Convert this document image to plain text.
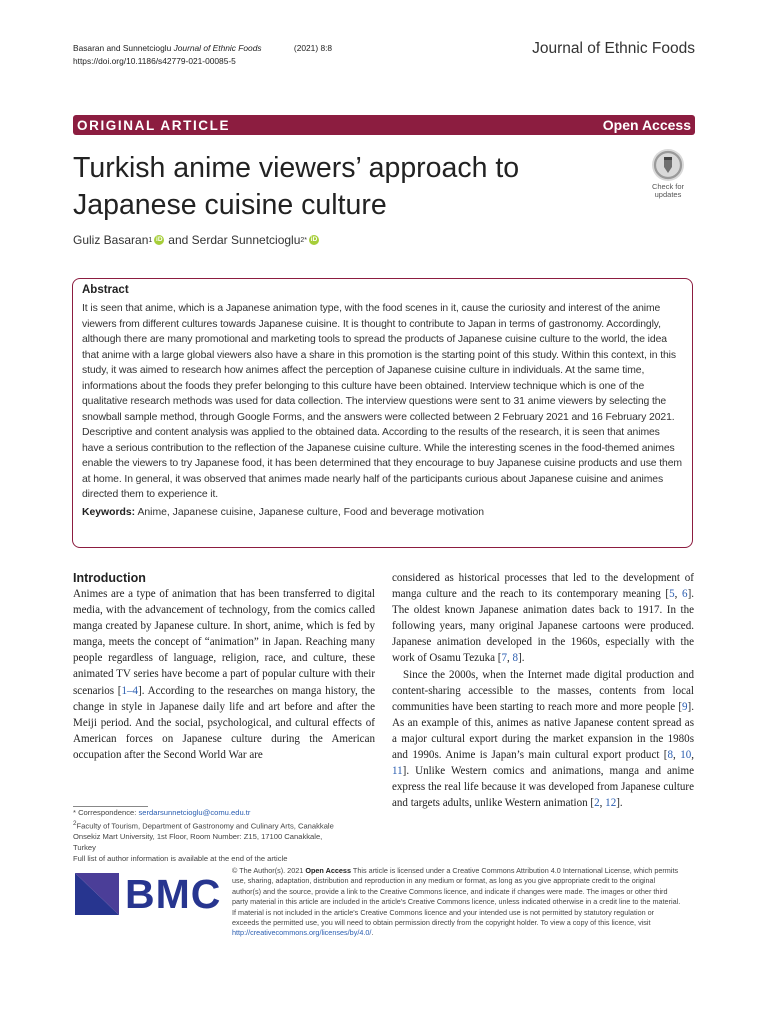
Basaran and Sunnetcioglu Journal of Ethnic Foods	(2021) 8:8
https://doi.org/10.1186/s42779-021-00085-5
Journal of Ethnic Foods
ORIGINAL ARTICLE	Open Access
Turkish anime viewers’ approach to Japanese cuisine culture
Check for
updates
Guliz Basaran 1 iD and
Serdar Sunnetcioglu 2* iD
Abstract

It is seen that anime, which is a Japanese animation type, with the food scenes in it, cause the curiosity and interest of the anime viewers from different cultures towards Japanese cuisine. It is thought to contribute to Japan in terms of gastronomy. Accordingly, although there are many promotional and marketing tools to spread the products of Japanese cuisine culture to the world, the idea that anime with a large global viewers also have a share in this promotion is the starting point of this study. Within this context, in this study, it was aimed to research how animes affect the perception of Japanese cuisine culture in individuals. At the same time, informations about the foods they prefer belonging to this culture have been obtained. Interview technique which is one of the qualitative research methods was used for data collection. The interview questions were sent to 31 anime viewers by selecting the snowball sample method, through Google Forms, and the answers were collected between 2 February 2021 and 16 February 2021. Descriptive and content analysis was applied to the obtained data. According to the results of the research, it is seen that animes have a serious contribution to the reflection of the Japanese cuisine culture. While the interesting scenes in the food-themed animes enable the viewers to try Japanese food, it has been determined that they encourage to buy Japanese cuisine products and use them at home. In general, it was observed that animes made nearly half of the participants curious about Japanese cuisine and animes directed them to experience it.

Keywords: Anime, Japanese cuisine, Japanese culture, Food and beverage motivation
Introduction

Animes are a type of animation that has been transferred to digital media, with the advancement of technology, from the comics called manga created by Japanese culture. In short, anime, which is fed by manga, meets the concept of “animation” in Japan. Reaching many people regardless of language, religion, race, and culture, these animated TV series have become a part of popular culture with their scenarios [1–4]. According to the researches on manga history, the change in style in Japanese daily life and art before and after the Meiji period. And the social, psychological, and cultural effects of American forces on Japanese culture during the American occupation after the Second World War are

considered as historical processes that led to the development of manga culture and the reach to its contemporary meaning [5, 6]. The oldest known Japanese animation dates back to 1917. In the following years, many original Japanese cartoons were produced. Japanese animation developed in the 1960s, especially with the work of Osamu Tezuka [7, 8].

Since the 2000s, when the Internet made digital production and content-sharing accessible to the masses, contents from local communities have been starting to reach more and more people [9]. As an example of this, animes as native Japanese content spread as a major cultural export during the market expansion in the 1980s and 1990s. Anime is Japan’s main cultural export product [8, 10, 11]. Unlike Western comics and animations, manga and anime express the real life because it was developed from Japanese culture and targets adults, unlike Western animation [2, 12].

* Correspondence: serdarsunnetcioglu@comu.edu.tr
$^2$Faculty of Tourism, Department of Gastronomy and Culinary Arts, Canakkale Onsekiz Mart University, 1st Floor, Room Number: Z15, 17100 Canakkale, Turkey
Full list of author information is available at the end of the article
BMC
© The Author(s). 2021 Open Access This article is licensed under a Creative Commons Attribution 4.0 International License, which permits use, sharing, adaptation, distribution and reproduction in any medium or format, as long as you give appropriate credit to the original author(s) and the source, provide a link to the Creative Commons licence, and indicate if changes were made. The images or other third party material in this article are included in the article's Creative Commons licence, unless indicated otherwise in a credit line to the material. If material is not included in the article's Creative Commons licence and your intended use is not permitted by statutory regulation or exceeds the permitted use, you will need to obtain permission directly from the copyright holder. To view a copy of this licence, visit http://creativecommons.org/licenses/by/4.0/.
